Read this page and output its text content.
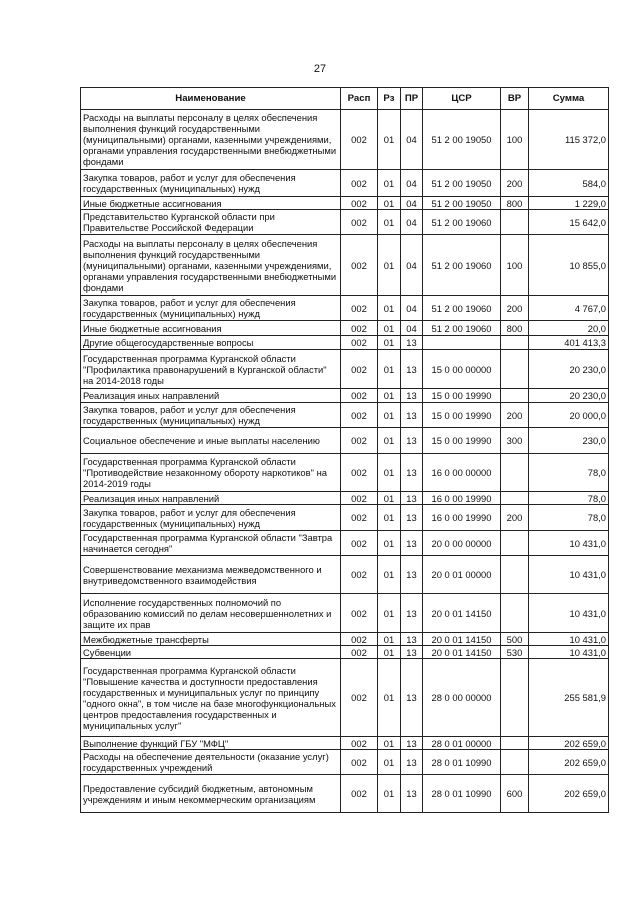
27
Наименование	Расп	Рз	ПР	ЦСР	ВР	Сумма
Расходы на выплаты персоналу в целях обеспечения выполнения функций государственными (муниципальными) органами, казенными учреждениями, органами управления государственными внебюджетными фондами	002	01	04	51 2 00 19050	100	115 372,0
Закупка товаров, работ и услуг для обеспечения государственных (муниципальных) нужд	002	01	04	51 2 00 19050	200	584,0
Иные бюджетные ассигнования	002	01	04	51 2 00 19050	800	1 229,0
Представительство Курганской области при Правительстве Российской Федерации	002	01	04	51 2 00 19060		15 642,0
Расходы на выплаты персоналу в целях обеспечения выполнения функций государственными (муниципальными) органами, казенными учреждениями, органами управления государственными внебюджетными фондами	002	01	04	51 2 00 19060	100	10 855,0
Закупка товаров, работ и услуг для обеспечения государственных (муниципальных) нужд	002	01	04	51 2 00 19060	200	4 767,0
Иные бюджетные ассигнования	002	01	04	51 2 00 19060	800	20,0
Другие общегосударственные вопросы	002	01	13			401 413,3
Государственная программа Курганской области "Профилактика правонарушений в Курганской области" на 2014-2018 годы	002	01	13	15 0 00 00000		20 230,0
Реализация иных направлений	002	01	13	15 0 00 19990		20 230,0
Закупка товаров, работ и услуг для обеспечения государственных (муниципальных) нужд	002	01	13	15 0 00 19990	200	20 000,0
Социальное обеспечение и иные выплаты населению	002	01	13	15 0 00 19990	300	230,0
Государственная программа Курганской области "Противодействие незаконному обороту наркотиков" на 2014-2019 годы	002	01	13	16 0 00 00000		78,0
Реализация иных направлений	002	01	13	16 0 00 19990		78,0
Закупка товаров, работ и услуг для обеспечения государственных (муниципальных) нужд	002	01	13	16 0 00 19990	200	78,0
Государственная программа Курганской области "Завтра начинается сегодня"	002	01	13	20 0 00 00000		10 431,0
Совершенствование механизма межведомственного и внутриведомственного взаимодействия	002	01	13	20 0 01 00000		10 431,0
Исполнение государственных полномочий по образованию комиссий по делам несовершеннолетних и защите их прав	002	01	13	20 0 01 14150		10 431,0
Межбюджетные трансферты	002	01	13	20 0 01 14150	500	10 431,0
Субвенции	002	01	13	20 0 01 14150	530	10 431,0
Государственная программа Курганской области "Повышение качества и доступности предоставления государственных и муниципальных услуг по принципу "одного окна", в том числе на базе многофункциональных центров предоставления государственных и муниципальных услуг"	002	01	13	28 0 00 00000		255 581,9
Выполнение функций ГБУ "МФЦ"	002	01	13	28 0 01 00000		202 659,0
Расходы на обеспечение деятельности (оказание услуг) государственных учреждений	002	01	13	28 0 01 10990		202 659,0
Предоставление субсидий бюджетным, автономным учреждениям и иным некоммерческим организациям	002	01	13	28 0 01 10990	600	202 659,0
